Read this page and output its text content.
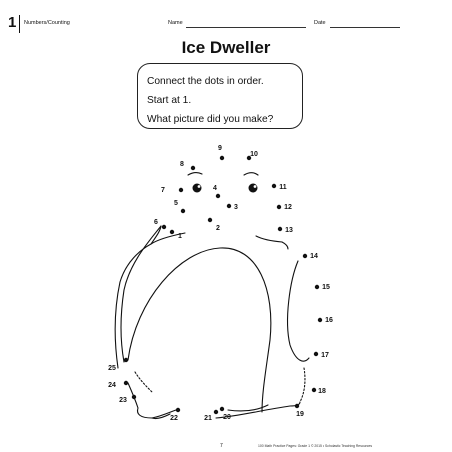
1 Numbers/Counting	Name	Date
Ice Dweller
Connect the dots in order.
Start at 1.
What picture did you make?
1
2
3
4
5
6
7
8
9
10
11
12
13
14
15
16
17
18
19
20
21
22
23
24
25
7	100 Math Practice Pages: Grade 1 © 2015 • Scholastic Teaching Resources
